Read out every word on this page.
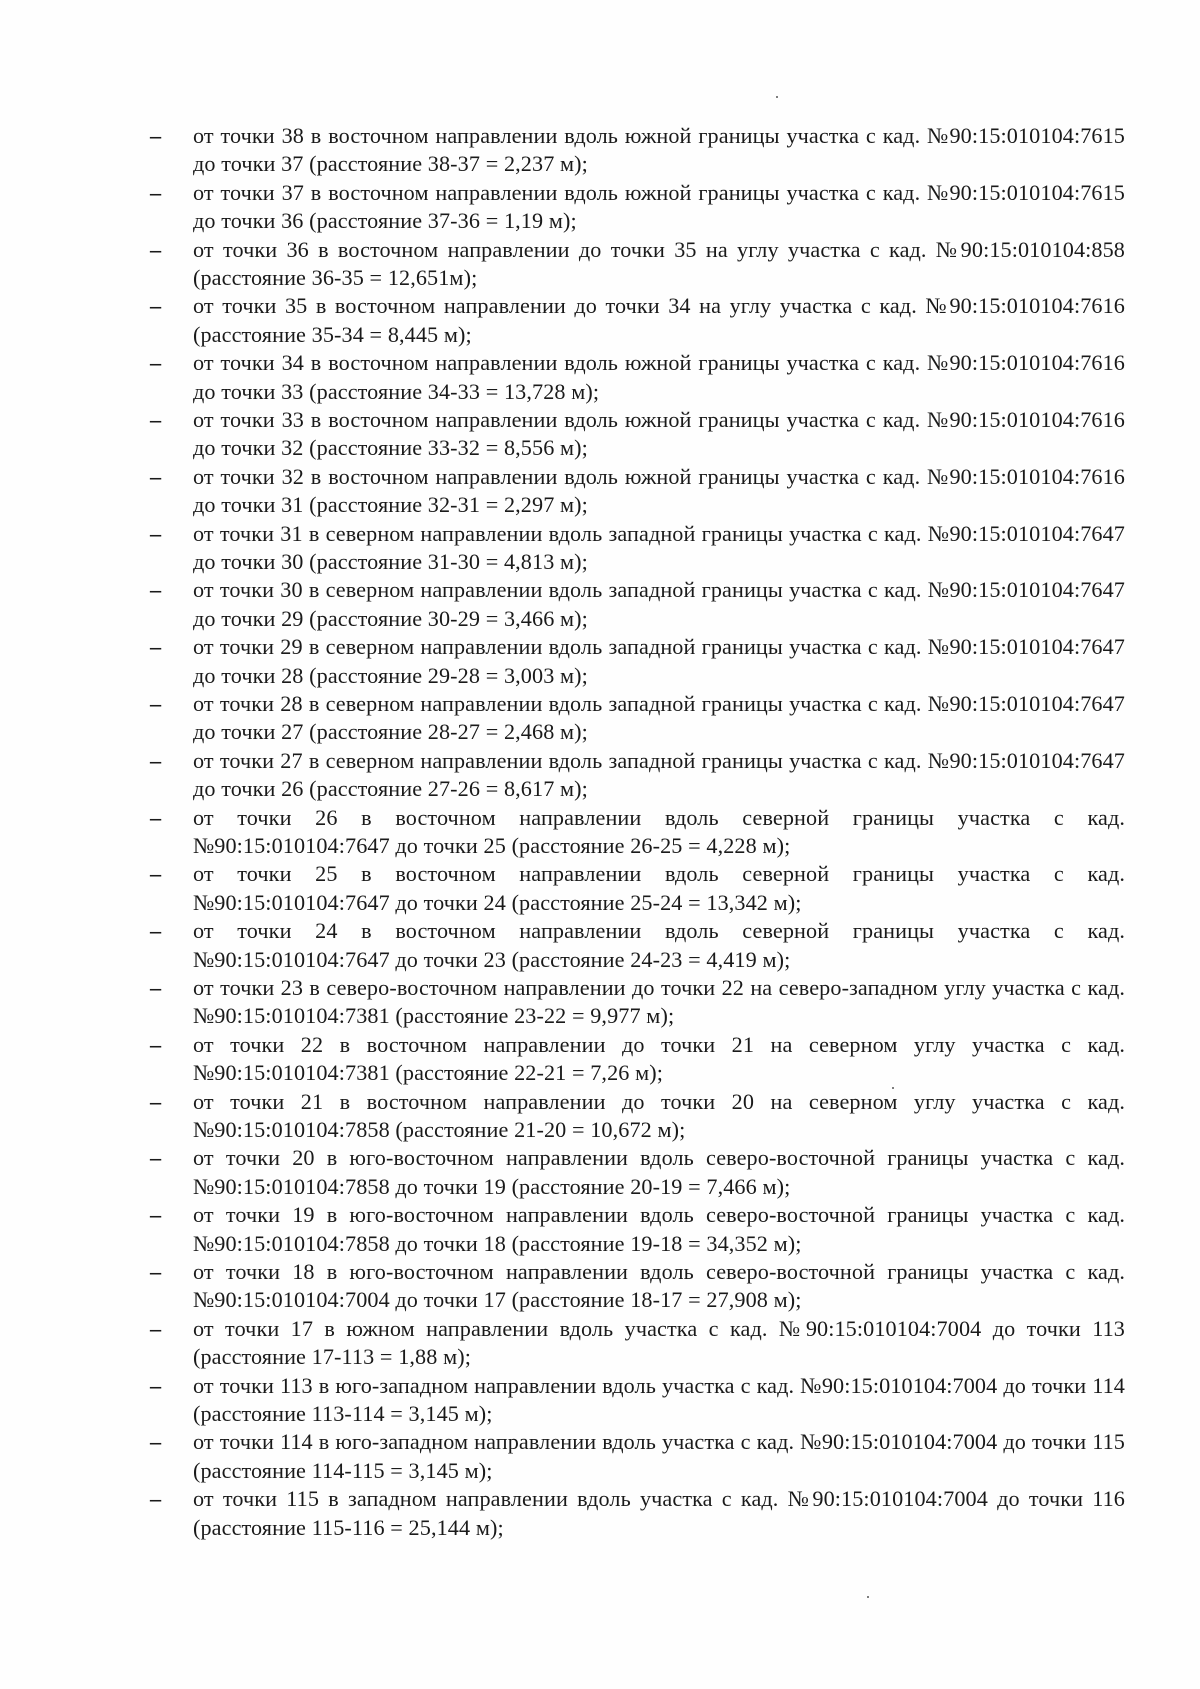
– от точки 38 в восточном направлении вдоль южной границы участка с кад. №90:15:010104:7615 до точки 37 (расстояние 38-37 = 2,237 м);
– от точки 37 в восточном направлении вдоль южной границы участка с кад. №90:15:010104:7615 до точки 36 (расстояние 37-36 = 1,19 м);
– от точки 36 в восточном направлении до точки 35 на углу участка с кад. №90:15:010104:858 (расстояние 36-35 = 12,651м);
– от точки 35 в восточном направлении до точки 34 на углу участка с кад. №90:15:010104:7616 (расстояние 35-34 = 8,445 м);
– от точки 34 в восточном направлении вдоль южной границы участка с кад. №90:15:010104:7616 до точки 33 (расстояние 34-33 = 13,728 м);
– от точки 33 в восточном направлении вдоль южной границы участка с кад. №90:15:010104:7616 до точки 32 (расстояние 33-32 = 8,556 м);
– от точки 32 в восточном направлении вдоль южной границы участка с кад. №90:15:010104:7616 до точки 31 (расстояние 32-31 = 2,297 м);
– от точки 31 в северном направлении вдоль западной границы участка с кад. №90:15:010104:7647 до точки 30 (расстояние 31-30 = 4,813 м);
– от точки 30 в северном направлении вдоль западной границы участка с кад. №90:15:010104:7647 до точки 29 (расстояние 30-29 = 3,466 м);
– от точки 29 в северном направлении вдоль западной границы участка с кад. №90:15:010104:7647 до точки 28 (расстояние 29-28 = 3,003 м);
– от точки 28 в северном направлении вдоль западной границы участка с кад. №90:15:010104:7647 до точки 27 (расстояние 28-27 = 2,468 м);
– от точки 27 в северном направлении вдоль западной границы участка с кад. №90:15:010104:7647 до точки 26 (расстояние 27-26 = 8,617 м);
– от точки 26 в восточном направлении вдоль северной границы участка с кад. №90:15:010104:7647 до точки 25 (расстояние 26-25 = 4,228 м);
– от точки 25 в восточном направлении вдоль северной границы участка с кад. №90:15:010104:7647 до точки 24 (расстояние 25-24 = 13,342 м);
– от точки 24 в восточном направлении вдоль северной границы участка с кад. №90:15:010104:7647 до точки 23 (расстояние 24-23 = 4,419 м);
– от точки 23 в северо-восточном направлении до точки 22 на северо-западном углу участка с кад. №90:15:010104:7381 (расстояние 23-22 = 9,977 м);
– от точки 22 в восточном направлении до точки 21 на северном углу участка с кад. №90:15:010104:7381 (расстояние 22-21 = 7,26 м);
– от точки 21 в восточном направлении до точки 20 на северном углу участка с кад. №90:15:010104:7858 (расстояние 21-20 = 10,672 м);
– от точки 20 в юго-восточном направлении вдоль северо-восточной границы участка с кад. №90:15:010104:7858 до точки 19 (расстояние 20-19 = 7,466 м);
– от точки 19 в юго-восточном направлении вдоль северо-восточной границы участка с кад. №90:15:010104:7858 до точки 18 (расстояние 19-18 = 34,352 м);
– от точки 18 в юго-восточном направлении вдоль северо-восточной границы участка с кад. №90:15:010104:7004 до точки 17 (расстояние 18-17 = 27,908 м);
– от точки 17 в южном направлении вдоль участка с кад. №90:15:010104:7004 до точки 113 (расстояние 17-113 = 1,88 м);
– от точки 113 в юго-западном направлении вдоль участка с кад. №90:15:010104:7004 до точки 114 (расстояние 113-114 = 3,145 м);
– от точки 114 в юго-западном направлении вдоль участка с кад. №90:15:010104:7004 до точки 115 (расстояние 114-115 = 3,145 м);
– от точки 115 в западном направлении вдоль участка с кад. №90:15:010104:7004 до точки 116 (расстояние 115-116 = 25,144 м);
